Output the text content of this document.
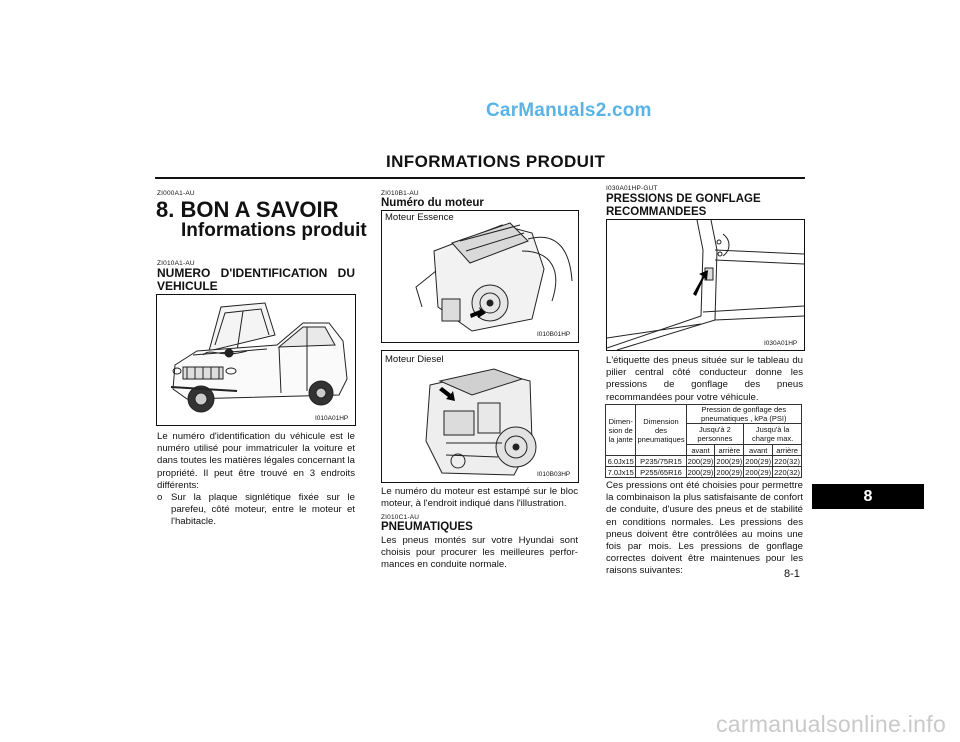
CarManuals2.com
carmanualsonline.info
INFORMATIONS PRODUIT
ZI000A1-AU
8. BON A SAVOIR
Informations produit
ZI010A1-AU
NUMERO D'IDENTIFICATION DU
VEHICULE
I010A01HP
Le numéro d'identification du véhicule est le numéro utilisé pour immatriculer la voiture et dans toutes les matières légales concernant la propriété. Il peut être trouvé en 3 endroits différents:
o Sur la plaque signlétique fixée sur le parefeu, côté moteur, entre le moteur et l'habitacle.
ZI010B1-AU
Numéro du moteur
Moteur Essence
I010B01HP
Moteur Diesel
I010B03HP
Le numéro du moteur est estampé sur le bloc moteur, à l'endroit indiqué dans l'illustration.
ZI010C1-AU
PNEUMATIQUES
Les pneus montés sur votre Hyundai sont choisis pour procurer les meilleures perfor-mances en conduite normale.
I030A01HP-GUT
PRESSIONS DE GONFLAGE
RECOMMANDEES
I030A01HP
L'étiquette des pneus située sur le tableau du pilier central côté conducteur donne les pressions de gonflage des pneus recommandées pour votre véhicule.
Dimen-sion de la jante	Dimension des pneumatiques	Pression de gonflage des pneumatiques , kPa (PSI)			
		Jusqu'à 2 personnes		Jusqu'à la charge max.	
		avant	arrière	avant	arrière
6.0Jx15	P235/75R15	200(29)	200(29)	200(29)	220(32)
7.0Jx15	P255/65R16	200(29)	200(29)	200(29)	220(32)
Ces pressions ont été choisies pour permettre la combinaison la plus satisfaisante de confort de conduite, d'usure des pneus et de stabilité en conditions normales. Les pressions des pneus doivent être contrôlées au moins une fois par mois. Les pressions de gonflage correctes doivent être maintenues pour les raisons suivantes:	8-1
8
